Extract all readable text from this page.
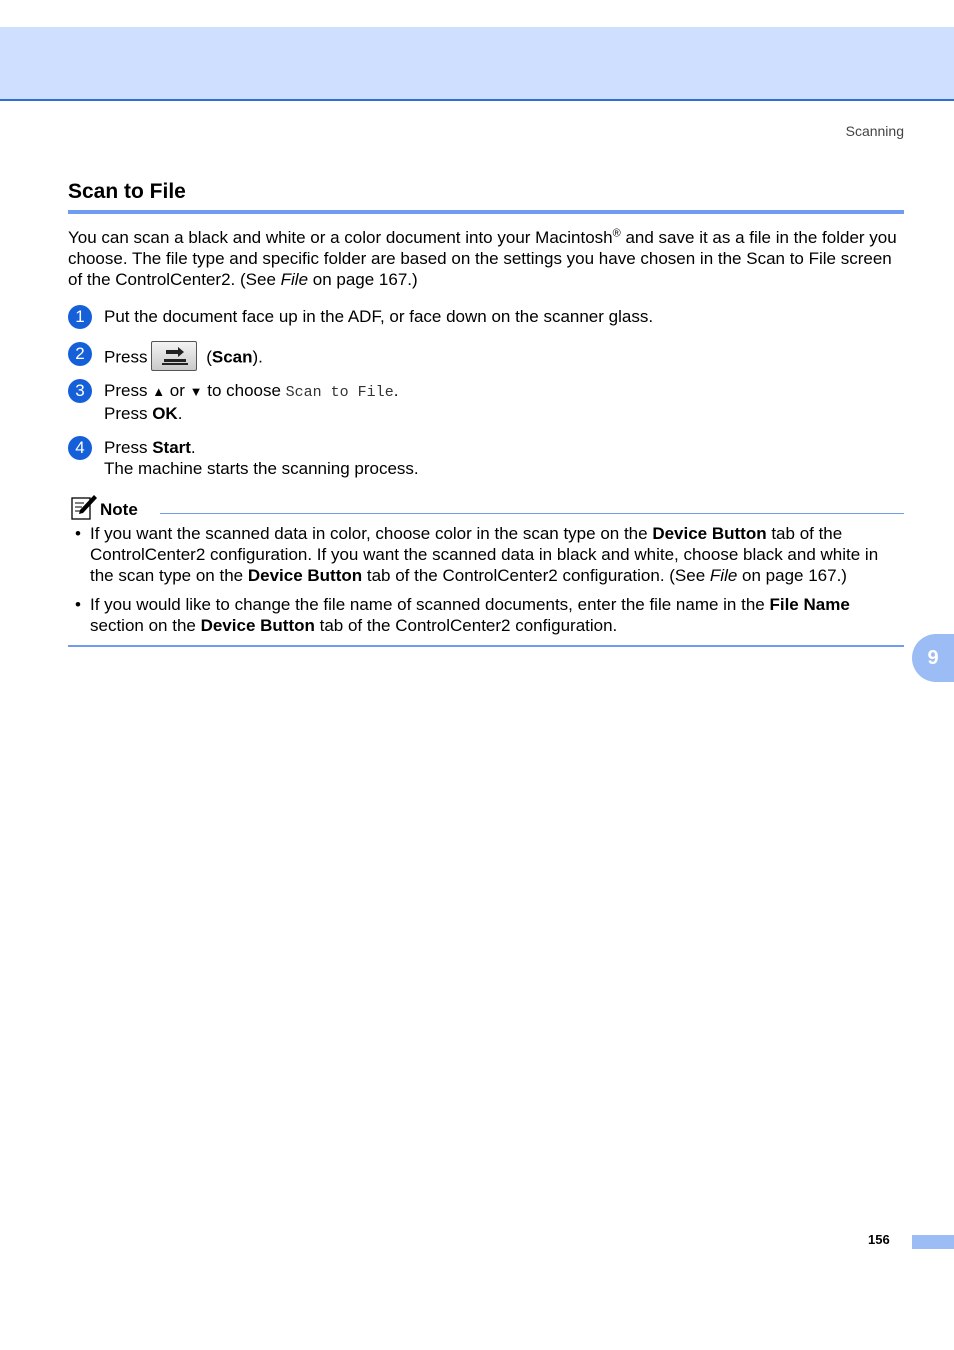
Scanning
Scan to File

You can scan a black and white or a color document into your Macintosh® and save it as a file in the folder you choose. The file type and specific folder are based on the settings you have chosen in the Scan to File screen of the ControlCenter2. (See File on page 167.)

1	Put the document face up in the ADF, or face down on the scanner glass.
2	Press	(Scan).
3	Press ▲ or ▼ to choose Scan to File.
Press OK.
4	Press Start.
The machine starts the scanning process.
Note
• If you want the scanned data in color, choose color in the scan type on the Device Button tab of the ControlCenter2 configuration. If you want the scanned data in black and white, choose black and white in the scan type on the Device Button tab of the ControlCenter2 configuration. (See File on page 167.)
• If you would like to change the file name of scanned documents, enter the file name in the File Name section on the Device Button tab of the ControlCenter2 configuration.
9
156
